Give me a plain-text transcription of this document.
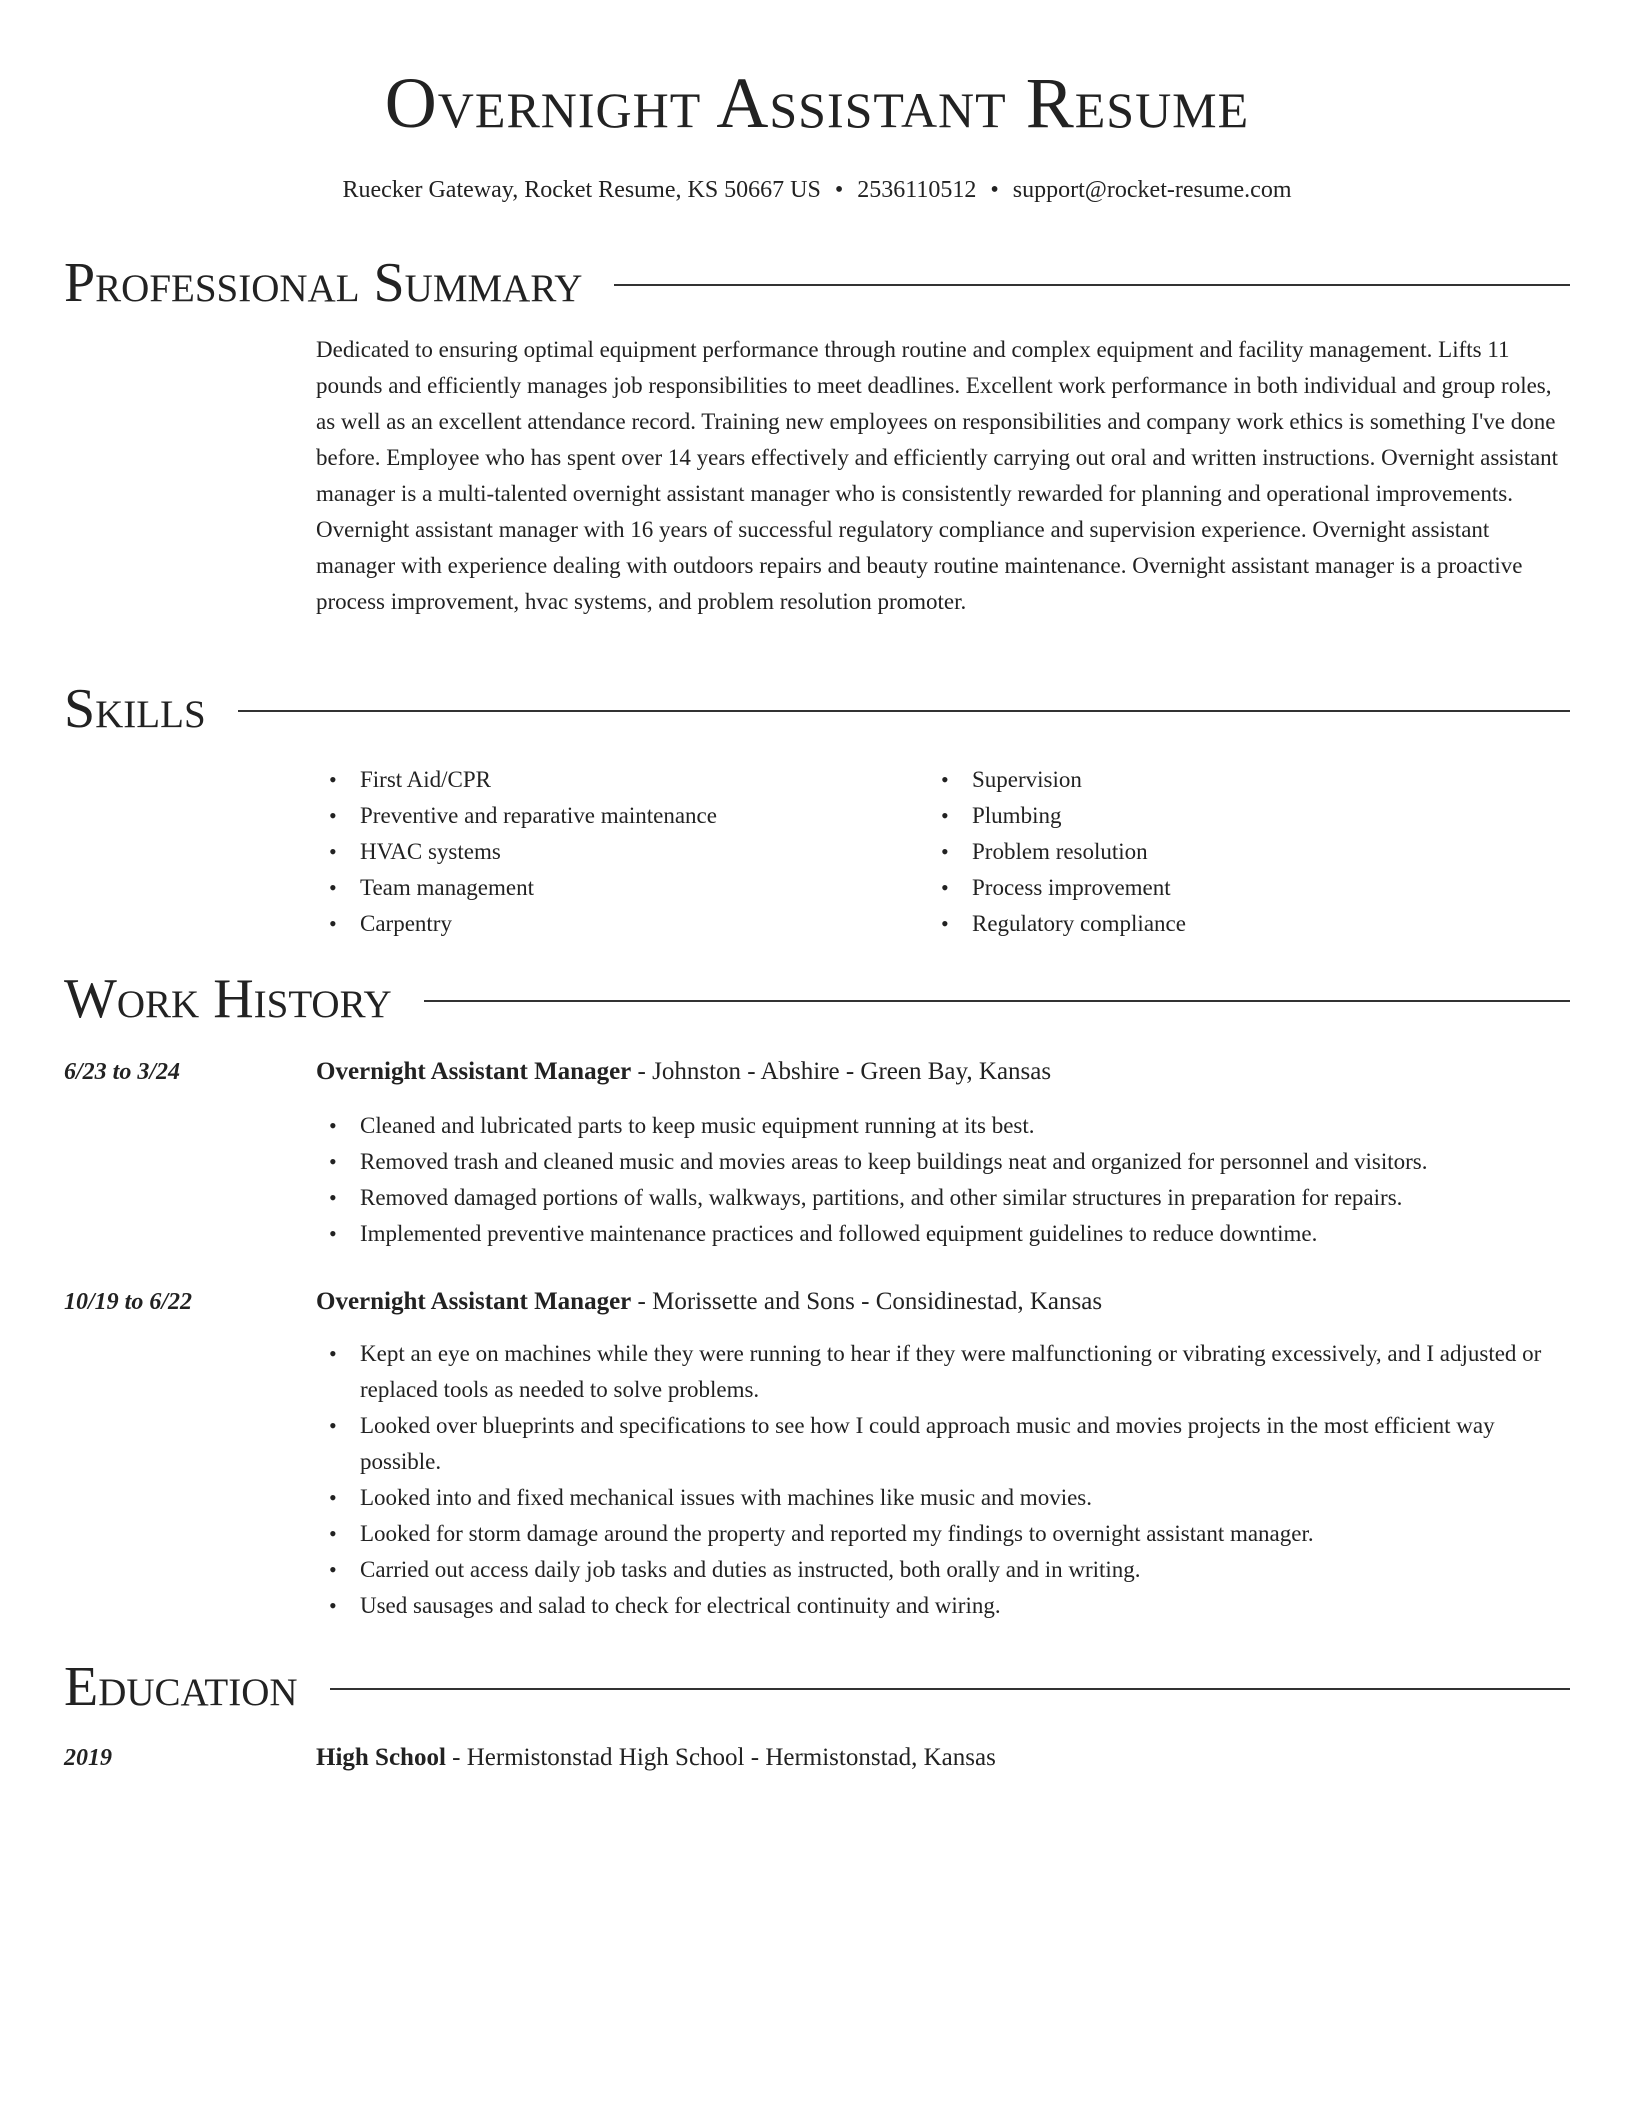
Overnight Assistant Resume
Ruecker Gateway, Rocket Resume, KS 50667 US • 2536110512 • support@rocket-resume.com
Professional Summary

Dedicated to ensuring optimal equipment performance through routine and complex equipment and facility management. Lifts 11 pounds and efficiently manages job responsibilities to meet deadlines. Excellent work performance in both individual and group roles, as well as an excellent attendance record. Training new employees on responsibilities and company work ethics is something I've done before. Employee who has spent over 14 years effectively and efficiently carrying out oral and written instructions. Overnight assistant manager is a multi-talented overnight assistant manager who is consistently rewarded for planning and operational improvements. Overnight assistant manager with 16 years of successful regulatory compliance and supervision experience. Overnight assistant manager with experience dealing with outdoors repairs and beauty routine maintenance. Overnight assistant manager is a proactive process improvement, hvac systems, and problem resolution promoter.

Skills
• First Aid/CPR
• Preventive and reparative maintenance
• HVAC systems
• Team management
• Carpentry
• Supervision
• Plumbing
• Problem resolution
• Process improvement
• Regulatory compliance
Work History
6/23 to 3/24	Overnight Assistant Manager - Johnston - Abshire - Green Bay, Kansas
• Cleaned and lubricated parts to keep music equipment running at its best.
• Removed trash and cleaned music and movies areas to keep buildings neat and organized for personnel and visitors.
• Removed damaged portions of walls, walkways, partitions, and other similar structures in preparation for repairs.
• Implemented preventive maintenance practices and followed equipment guidelines to reduce downtime.
10/19 to 6/22	Overnight Assistant Manager - Morissette and Sons - Considinestad, Kansas
• Kept an eye on machines while they were running to hear if they were malfunctioning or vibrating excessively, and I adjusted or replaced tools as needed to solve problems.
• Looked over blueprints and specifications to see how I could approach music and movies projects in the most efficient way possible.
• Looked into and fixed mechanical issues with machines like music and movies.
• Looked for storm damage around the property and reported my findings to overnight assistant manager.
• Carried out access daily job tasks and duties as instructed, both orally and in writing.
• Used sausages and salad to check for electrical continuity and wiring.
Education
2019	High School - Hermistonstad High School - Hermistonstad, Kansas
